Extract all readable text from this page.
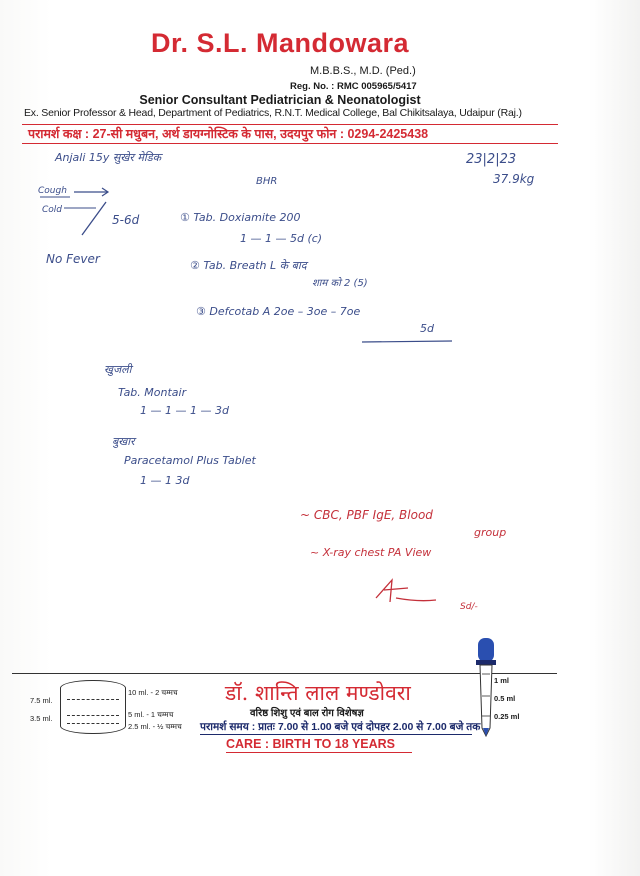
Dr. S.L. Mandowara
M.B.B.S., M.D. (Ped.)
Reg. No. : RMC 005965/5417
Senior Consultant Pediatrician & Neonatologist
Ex. Senior Professor & Head, Department of Pediatrics, R.N.T. Medical College, Bal Chikitsalaya, Udaipur (Raj.)
परामर्श कक्ष : 27-सी मधुबन, अर्थ डायग्नोस्टिक के पास, उदयपुर फोन : 0294-2425438
Anjali 15y सुखेर मेडिक	23|2|23
37.9kg
BHR
Cough
Cold
5-6d
No Fever
① Tab. Doxiamite 200
1 — 1 — 5d (c)
② Tab. Breath L के बाद
शाम को 2 (5)
③ Defcotab A 2oe – 3oe – 7oe
5d
खुजली
Tab. Montair
1 — 1 — 1 — 3d
बुखार
Paracetamol Plus Tablet
1 — 1 3d
~ CBC, PBF IgE, Blood
group
~ X-ray chest PA View
Sd/-
7.5 ml.
3.5 ml.
10 ml. - 2 चम्मच
5 ml. - 1 चम्मच
2.5 ml. - ½ चम्मच
डॉ. शान्ति लाल मण्डोवरा
वरिष्ठ शिशु एवं बाल रोग विशेषज्ञ
परामर्श समय : प्रातः 7.00 से 1.00 बजे एवं दोपहर 2.00 से 7.00 बजे तक
CARE : BIRTH TO 18 YEARS
1 ml
0.5 ml
0.25 ml
